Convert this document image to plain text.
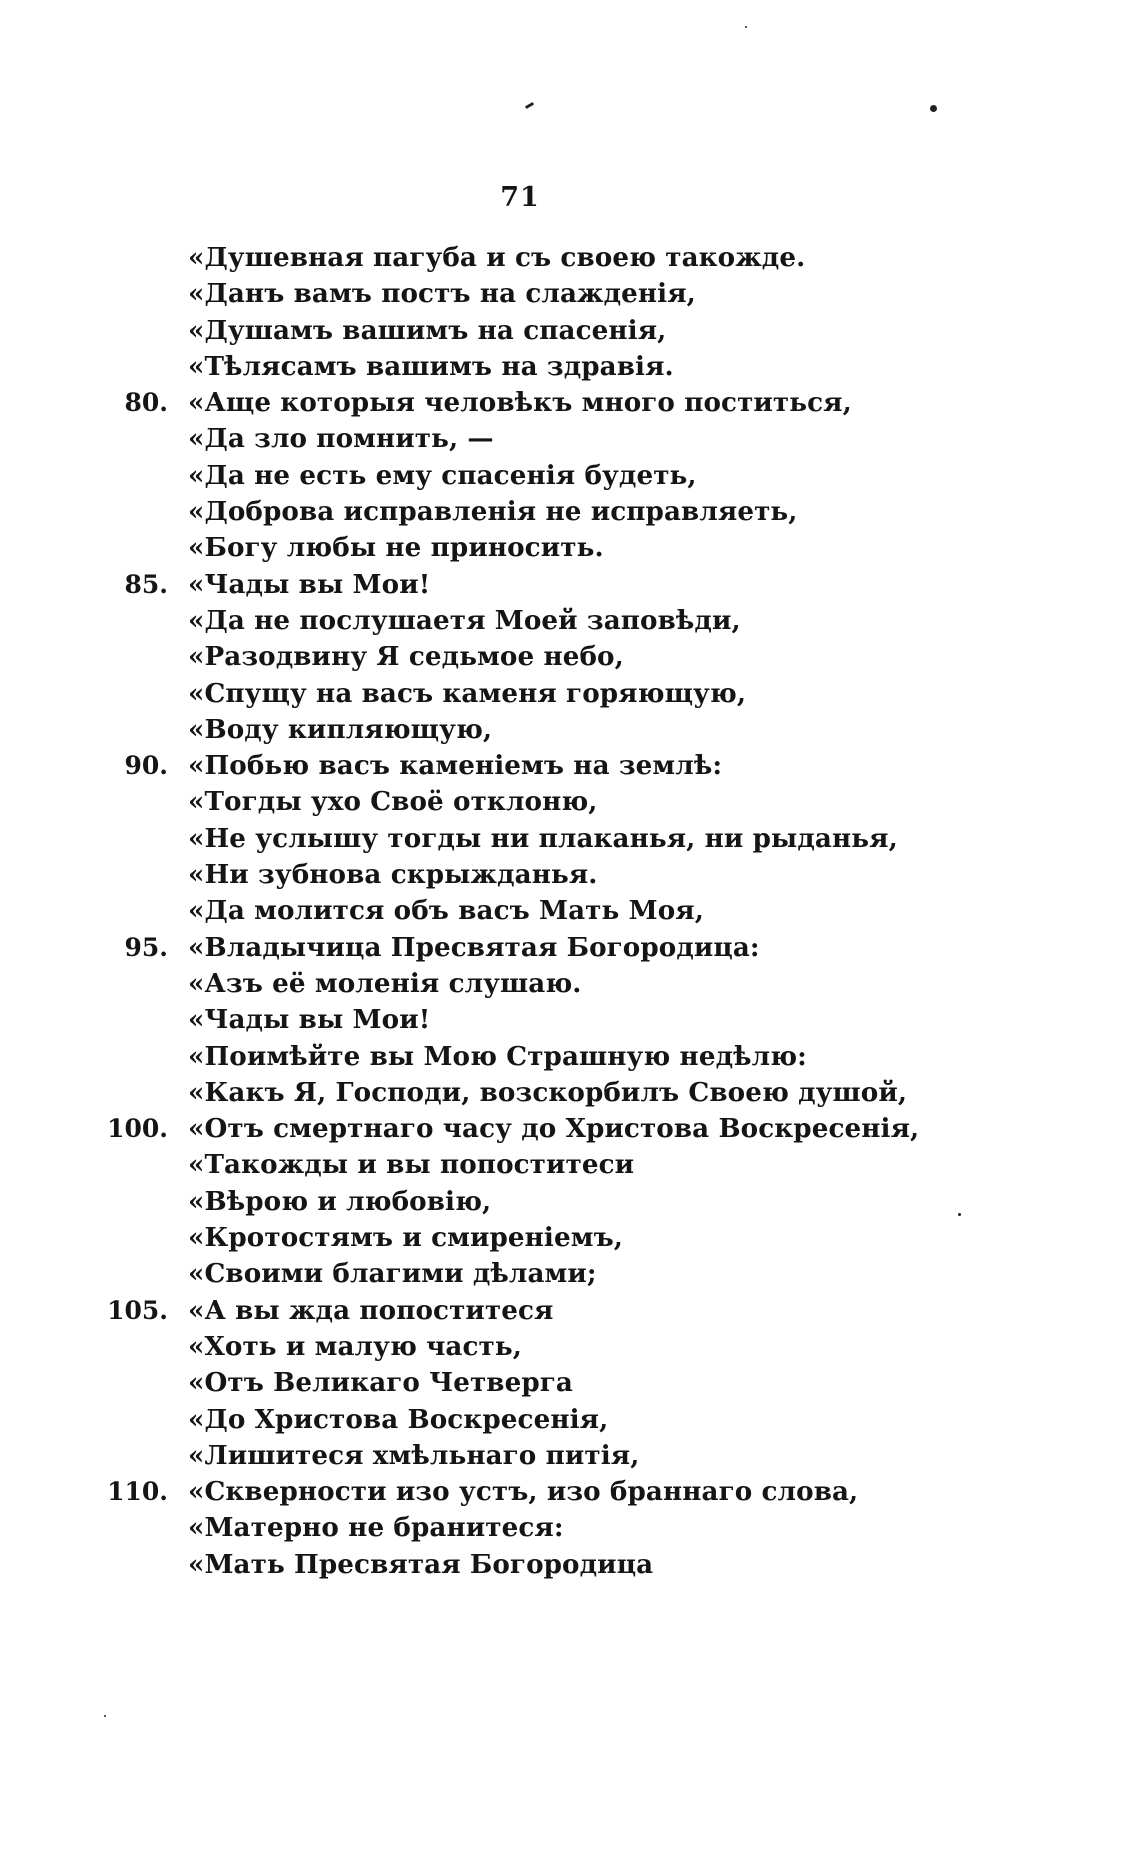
71
«Душевная пагуба и съ своею такожде.
«Данъ вамъ постъ на слажденія,
«Душамъ вашимъ на спасенія,
«Тѣлясамъ вашимъ на здравія.
80. «Аще которыя человѣкъ много поститься,
«Да зло помнить, —
«Да не есть ему спасенія будеть,
«Доброва исправленія не исправляеть,
«Богу любы не приносить.
85. «Чады вы Мои!
«Да не послушаетя Моей заповѣди,
«Разодвину Я седьмое небо,
«Спущу на васъ каменя горяющую,
«Воду кипляющую,
90. «Побью васъ каменіемъ на землѣ:
«Тогды ухо Своё отклоню,
«Не услышу тогды ни плаканья, ни рыданья,
«Ни зубнова скрыжданья.
«Да молится объ васъ Мать Моя,
95. «Владычица Пресвятая Богородица:
«Азъ её моленія слушаю.
«Чады вы Мои!
«Поимѣйте вы Мою Страшную недѣлю:
«Какъ Я, Господи, возскорбилъ Своею душой,
100. «Отъ смертнаго часу до Христова Воскресенія,
«Такожды и вы попоститеси
«Вѣрою и любовію,
«Кротостямъ и смиреніемъ,
«Своими благими дѣлами;
105. «А вы жда попоститеся
«Хоть и малую часть,
«Отъ Великаго Четверга
«До Христова Воскресенія,
«Лишитеся хмѣльнаго питія,
110. «Скверности изо устъ, изо браннаго слова,
«Матерно не бранитеся:
«Мать Пресвятая Богородица
